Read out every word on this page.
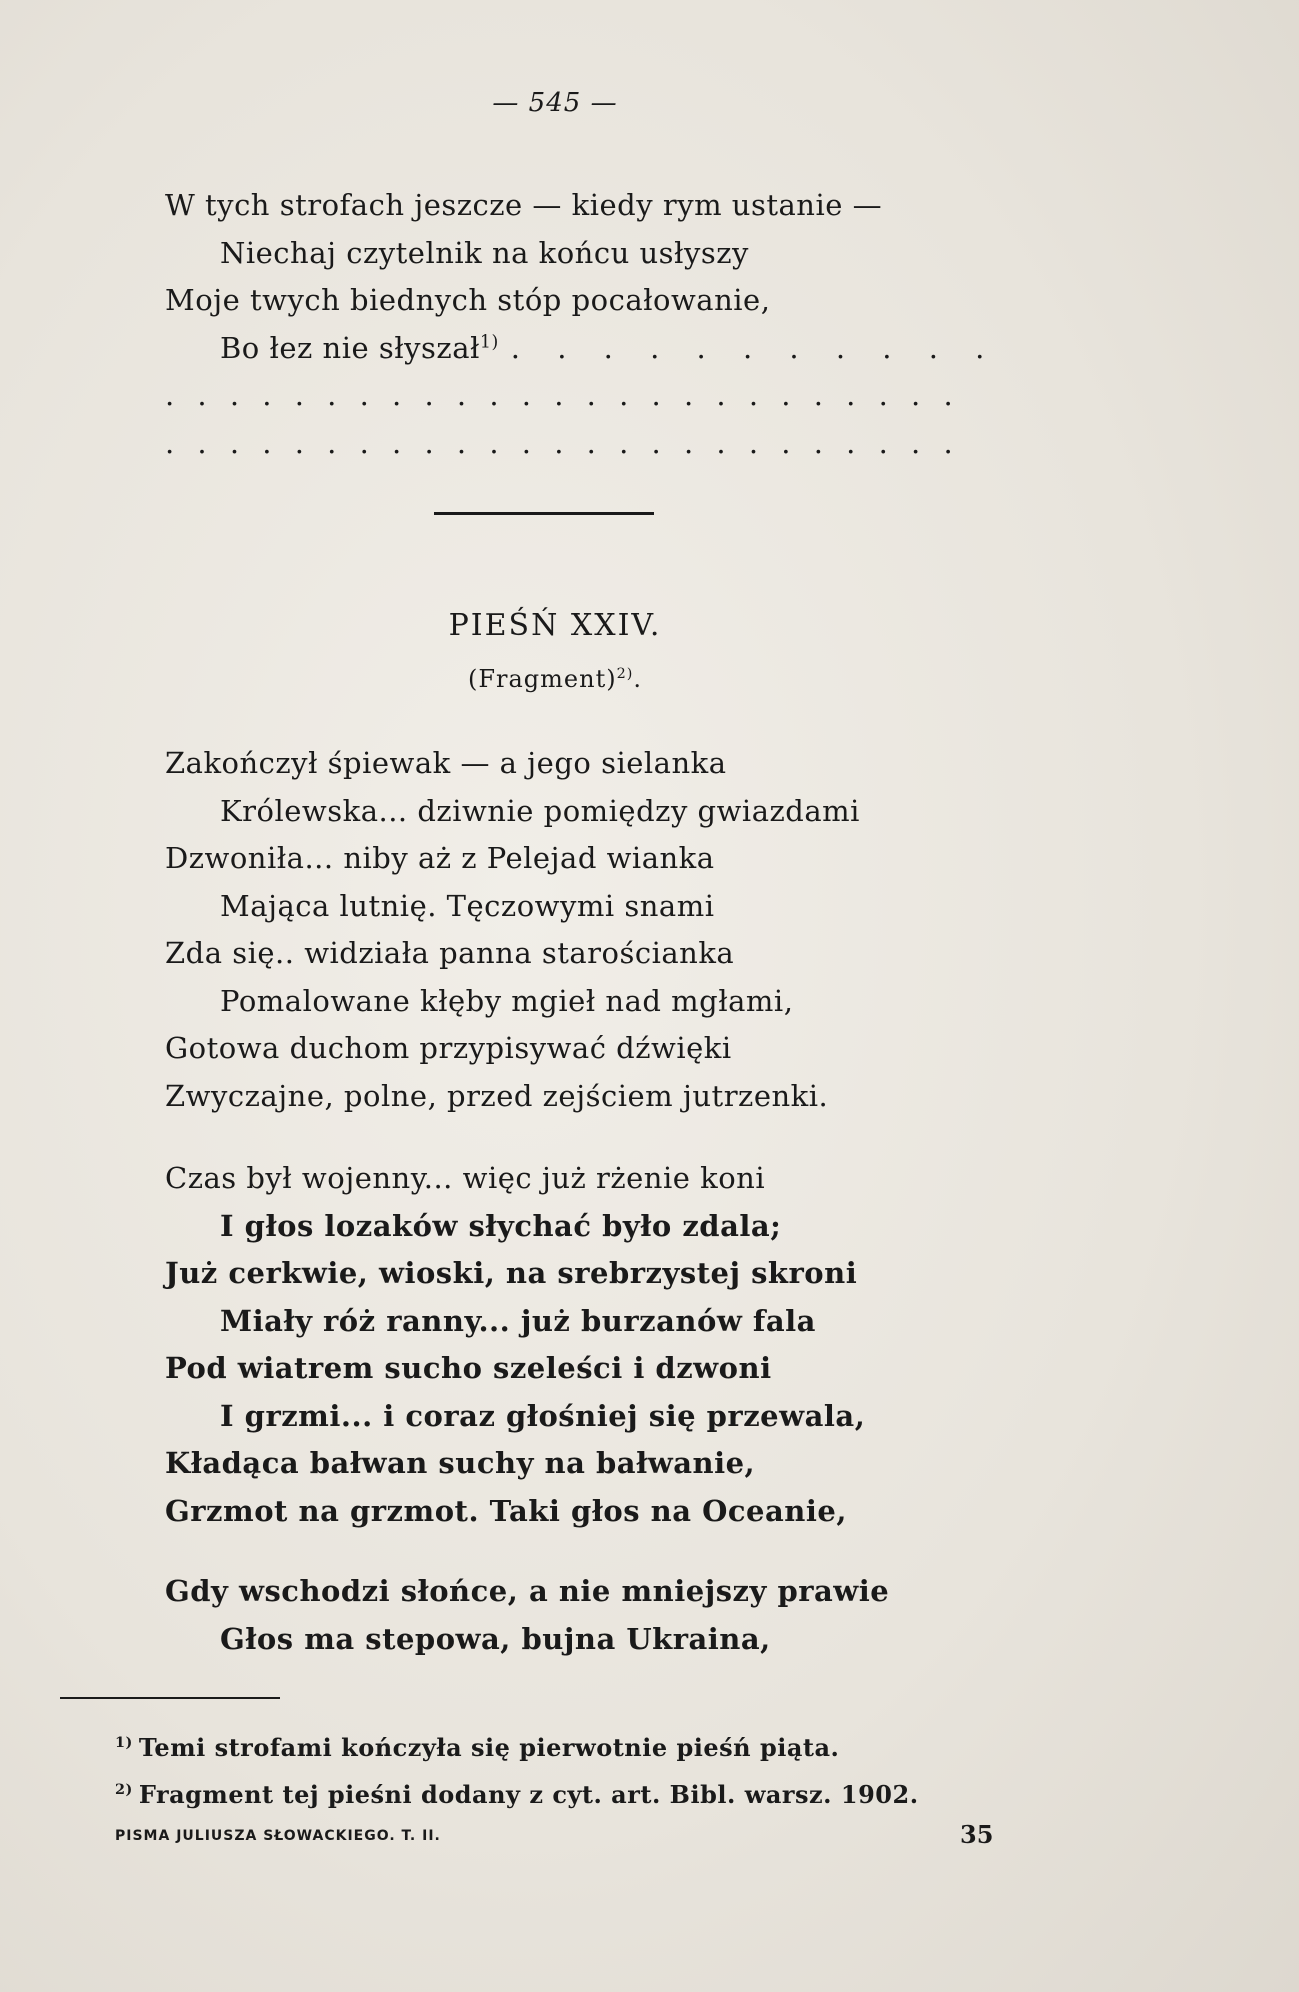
— 545 —
W tych strofach jeszcze — kiedy rym ustanie —
Niechaj czytelnik na końcu usłyszy
Moje twych biednych stóp pocałowanie,
Bo łez nie słyszał$^{1)}$ . . . . . . . . . . .
. . . . . . . . . . . . . . . . . . . . . . . . .
. . . . . . . . . . . . . . . . . . . . . . . . .
PIEŚŃ XXIV.
(Fragment)$^{2)}$.
Zakończył śpiewak — a jego sielanka
Królewska... dziwnie pomiędzy gwiazdami
Dzwoniła... niby aż z Pelejad wianka
Mająca lutnię. Tęczowymi snami
Zda się.. widziała panna starościanka
Pomalowane kłęby mgieł nad mgłami,
Gotowa duchom przypisywać dźwięki
Zwyczajne, polne, przed zejściem jutrzenki.
Czas był wojenny... więc już rżenie koni
I głos lozaków słychać było zdala;
Już cerkwie, wioski, na srebrzystej skroni
Miały róż ranny... już burzanów fala
Pod wiatrem sucho szeleści i dzwoni
I grzmi... i coraz głośniej się przewala,
Kładąca bałwan suchy na bałwanie,
Grzmot na grzmot. Taki głos na Oceanie,
Gdy wschodzi słońce, a nie mniejszy prawie
Głos ma stepowa, bujna Ukraina,
$^{1)}$ Temi strofami kończyła się pierwotnie pieśń piąta.
$^{2)}$ Fragment tej pieśni dodany z cyt. art. Bibl. warsz. 1902.
PISMA JULIUSZA SŁOWACKIEGO. T. II.	35
